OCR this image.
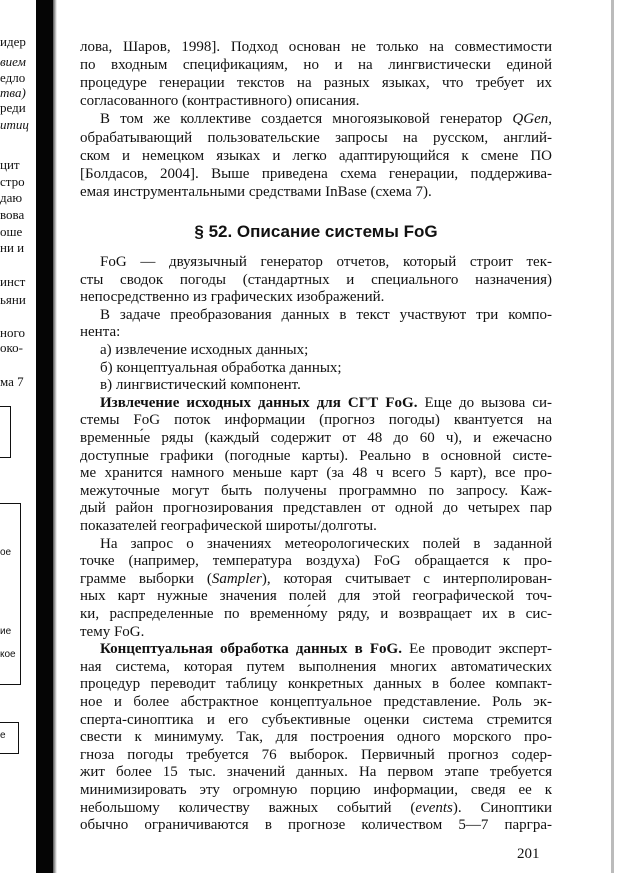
идер
вием
едло
тва)
реди
итиц
цит
стро
даю
вова
оше
ни и
инст
ьяни
ного
око-
ма 7
ое
ие
кое
е
лова, Шаров, 1998]. Подход основан не только на совместимости
по входным спецификациям, но и на лингвистически единой
процедуре генерации текстов на разных языках, что требует их
согласованного (контрастивного) описания.
В том же коллективе создается многоязыковой генератор QGen,
обрабатывающий пользовательские запросы на русском, англий-
ском и немецком языках и легко адаптирующийся к смене ПО
[Болдасов, 2004]. Выше приведена схема генерации, поддержива-
емая инструментальными средствами InBase (схема 7).
§ 52. Описание системы FoG
FoG — двуязычный генератор отчетов, который строит тек-
сты сводок погоды (стандартных и специального назначения)
непосредственно из графических изображений.
В задаче преобразования данных в текст участвуют три компо-
нента:
а) извлечение исходных данных;
б) концептуальная обработка данных;
в) лингвистический компонент.
Извлечение исходных данных для СГТ FoG. Еще до вызова си-
стемы FoG поток информации (прогноз погоды) квантуется на
временны́е ряды (каждый содержит от 48 до 60 ч), и ежечасно
доступные графики (погодные карты). Реально в основной систе-
ме хранится намного меньше карт (за 48 ч всего 5 карт), все про-
межуточные могут быть получены программно по запросу. Каж-
дый район прогнозирования представлен от одной до четырех пар
показателей географической широты/долготы.
На запрос о значениях метеорологических полей в заданной
точке (например, температура воздуха) FoG обращается к про-
грамме выборки (Sampler), которая считывает с интерполирован-
ных карт нужные значения полей для этой географической точ-
ки, распределенные по временно́му ряду, и возвращает их в сис-
тему FoG.
Концептуальная обработка данных в FoG. Ее проводит эксперт-
ная система, которая путем выполнения многих автоматических
процедур переводит таблицу конкретных данных в более компакт-
ное и более абстрактное концептуальное представление. Роль эк-
сперта-синоптика и его субъективные оценки система стремится
свести к минимуму. Так, для построения одного морского про-
гноза погоды требуется 76 выборок. Первичный прогноз содер-
жит более 15 тыс. значений данных. На первом этапе требуется
минимизировать эту огромную порцию информации, сведя ее к
небольшому количеству важных событий (events). Синоптики
обычно ограничиваются в прогнозе количеством 5—7 паргра-
201
